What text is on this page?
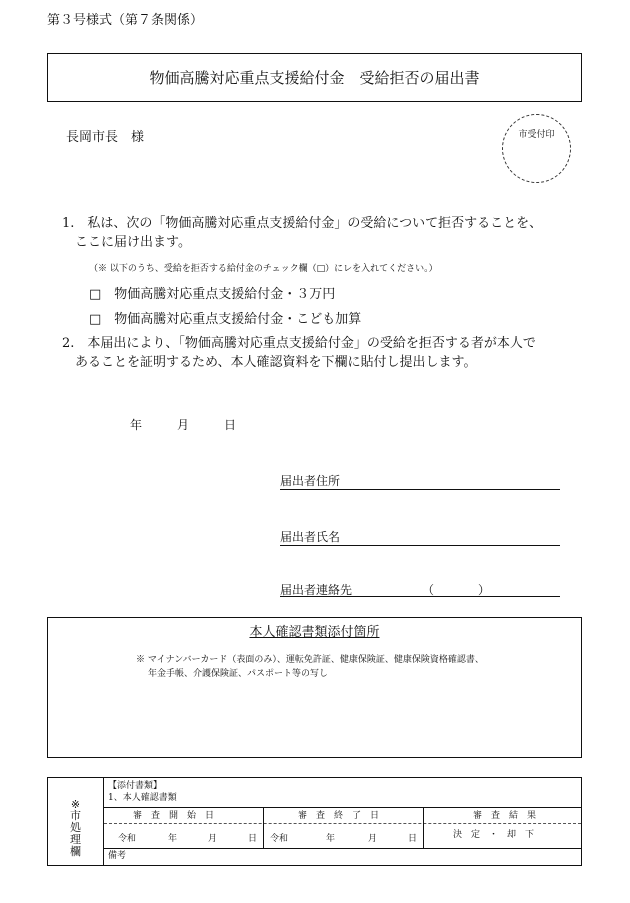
第３号様式（第７条関係）
物価高騰対応重点支援給付金　受給拒否の届出書
長岡市長　様	市受付印
1.　私は、次の「物価高騰対応重点支援給付金」の受給について拒否することを、
ここに届け出ます。
（※ 以下のうち、受給を拒否する給付金のチェック欄（□）にレを入れてください。）
□　物価高騰対応重点支援給付金・３万円
□　物価高騰対応重点支援給付金・こども加算
2.　本届出により、「物価高騰対応重点支援給付金」の受給を拒否する者が本人で
あることを証明するため、本人確認資料を下欄に貼付し提出します。
年	月	日
届出者住所
届出者氏名
届出者連絡先	（	）
本人確認書類添付箇所
※ マイナンバーカード（表面のみ）、運転免許証、健康保険証、健康保険資格確認書、
年金手帳、介護保険証、パスポート等の写し
※
市
処
理
欄
【添付書類】
1、本人確認書類
審　査　開　始　日	審　査　終　了　日	審　査　結　果
令和	年	月	日 令和	年	月	日	決　定　・　却　下
備考
